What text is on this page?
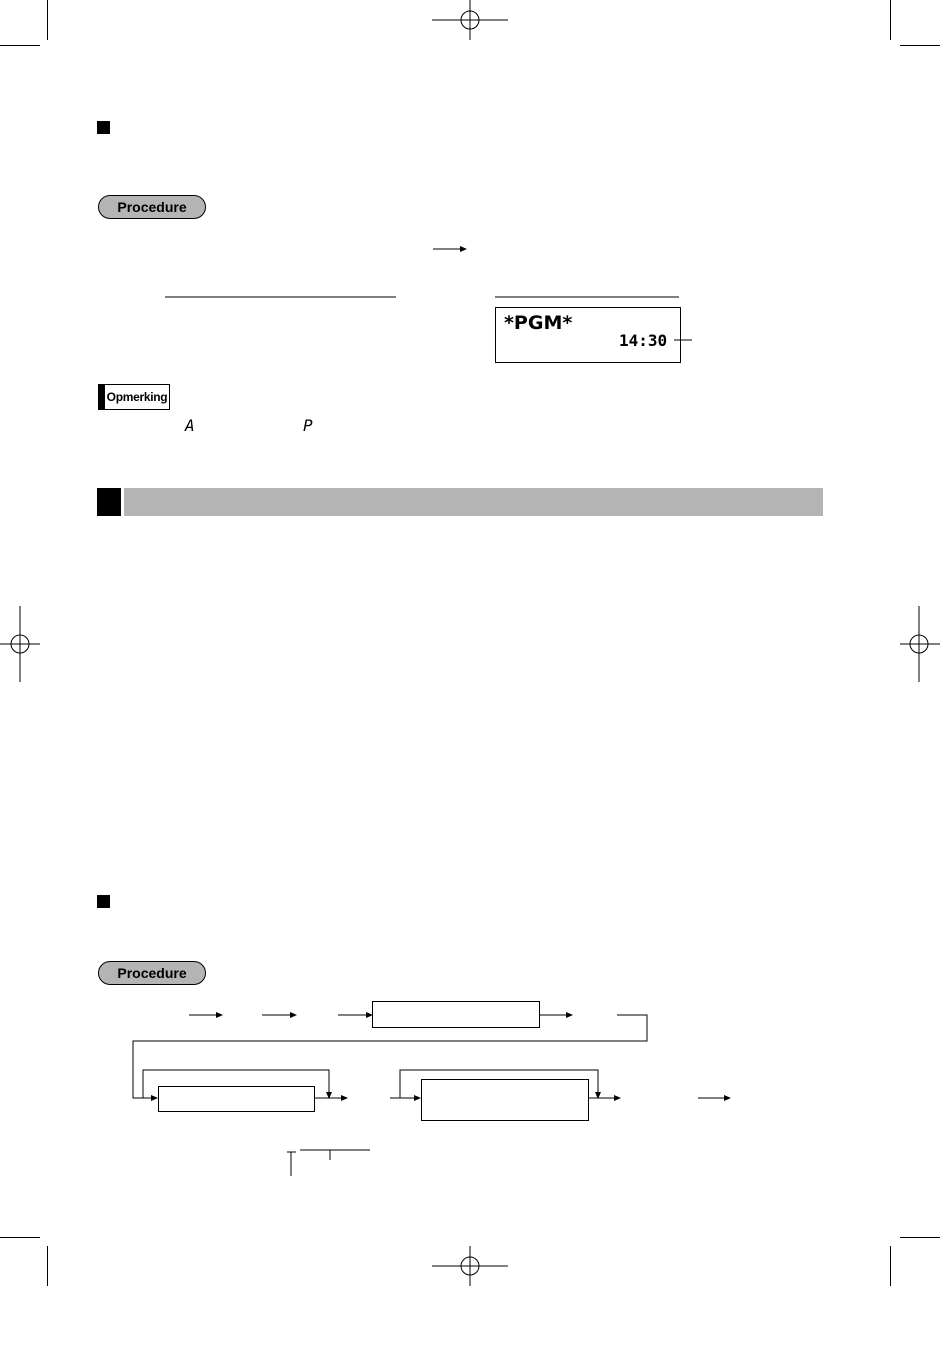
Procedure
*PGM*
14:30
Opmerking
A	P
Procedure
